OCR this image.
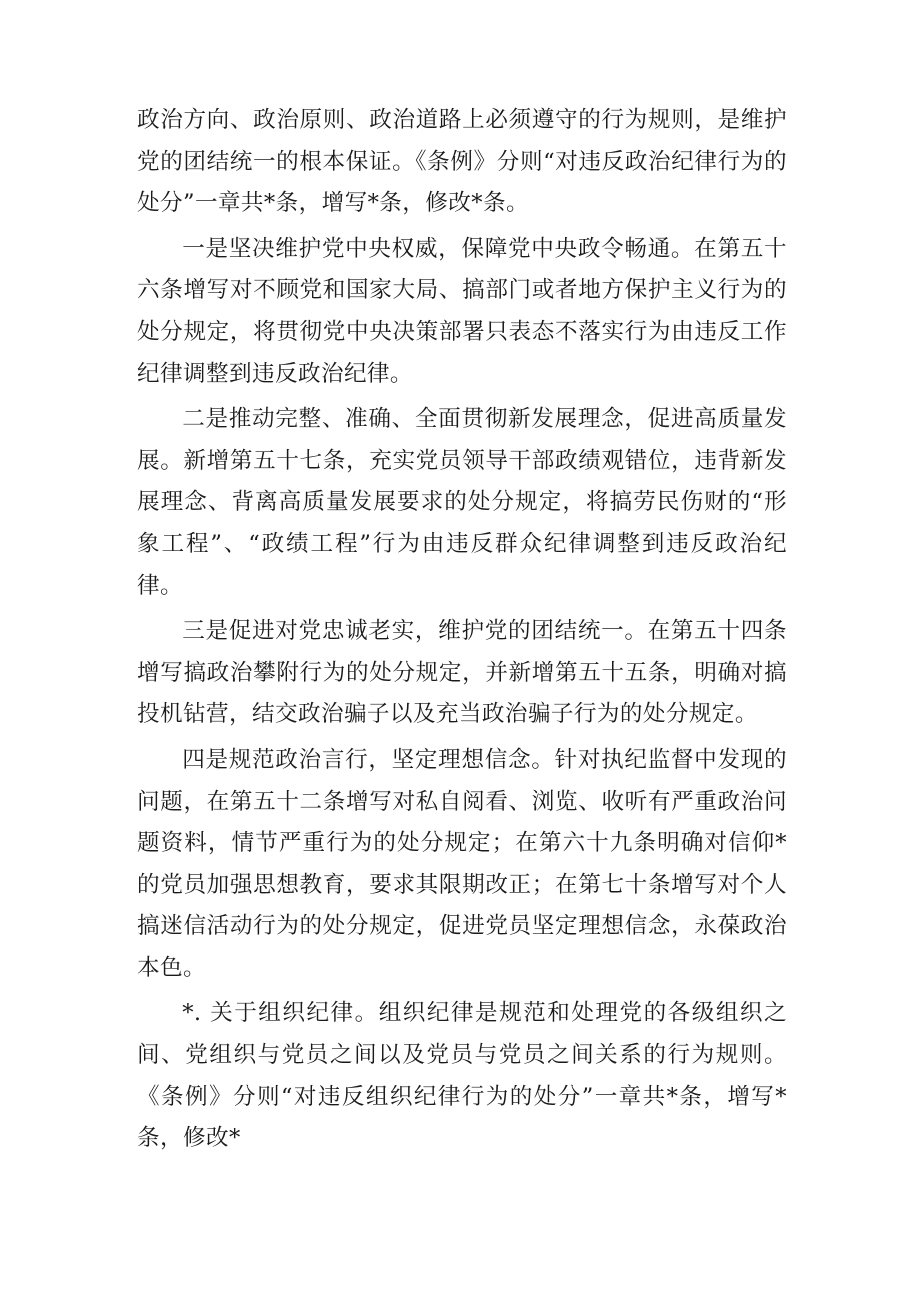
政治方向、政治原则、政治道路上必须遵守的行为规则，是维护党的团结统一的根本保证。《条例》分则“对违反政治纪律行为的处分”一章共*条，增写*条，修改*条。

一是坚决维护党中央权威，保障党中央政令畅通。在第五十六条增写对不顾党和国家大局、搞部门或者地方保护主义行为的处分规定，将贯彻党中央决策部署只表态不落实行为由违反工作纪律调整到违反政治纪律。

二是推动完整、准确、全面贯彻新发展理念，促进高质量发展。新增第五十七条，充实党员领导干部政绩观错位，违背新发展理念、背离高质量发展要求的处分规定，将搞劳民伤财的“形象工程”、“政绩工程”行为由违反群众纪律调整到违反政治纪律。

三是促进对党忠诚老实，维护党的团结统一。在第五十四条增写搞政治攀附行为的处分规定，并新增第五十五条，明确对搞投机钻营，结交政治骗子以及充当政治骗子行为的处分规定。

四是规范政治言行，坚定理想信念。针对执纪监督中发现的问题，在第五十二条增写对私自阅看、浏览、收听有严重政治问题资料，情节严重行为的处分规定；在第六十九条明确对信仰*的党员加强思想教育，要求其限期改正；在第七十条增写对个人搞迷信活动行为的处分规定，促进党员坚定理想信念，永葆政治本色。

*. 关于组织纪律。组织纪律是规范和处理党的各级组织之间、党组织与党员之间以及党员与党员之间关系的行为规则。《条例》分则“对违反组织纪律行为的处分”一章共*条，增写*条，修改*
